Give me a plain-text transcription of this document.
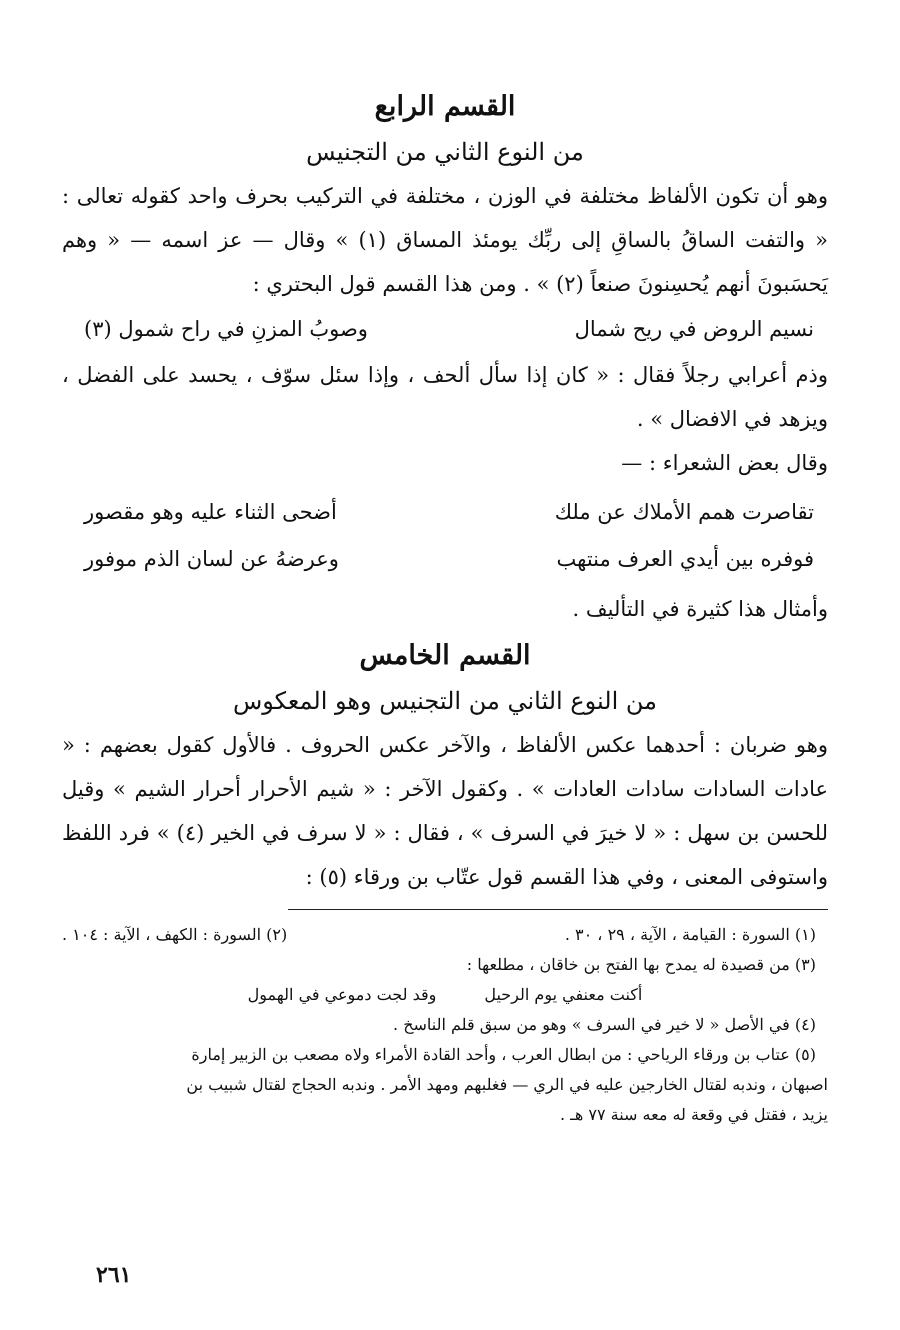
القسم الرابع
من النوع الثاني من التجنيس

وهو أن تكون الألفاظ مختلفة في الوزن ، مختلفة في التركيب بحرف واحد كقوله تعالى : « والتفت الساقُ بالساقِ إلى ربِّك يومئذ المساق (١) » وقال — عز اسمه — « وهم يَحسَبونَ أنهم يُحسِنونَ صنعاً (٢) » . ومن هذا القسم قول البحتري :

نسيم الروض في ريح شمال
وصوبُ المزنِ في راح شمول (٣)

وذم أعرابي رجلاً فقال : « كان إذا سأل ألحف ، وإذا سئل سوّف ، يحسد على الفضل ، ويزهد في الافضال » .

وقال بعض الشعراء : —

تقاصرت همم الأملاك عن ملك
أضحى الثناء عليه وهو مقصور
فوفره بين أيدي العرف منتهب
وعرضهُ عن لسان الذم موفور

وأمثال هذا كثيرة في التأليف .

القسم الخامس
من النوع الثاني من التجنيس وهو المعكوس

وهو ضربان : أحدهما عكس الألفاظ ، والآخر عكس الحروف . فالأول كقول بعضهم : « عادات السادات سادات العادات » . وكقول الآخر : « شيم الأحرار أحرار الشيم » وقيل للحسن بن سهل : « لا خيرَ في السرف » ، فقال : « لا سرف في الخير (٤) » فرد اللفظ واستوفى المعنى ، وفي هذا القسم قول عتّاب بن ورقاء (٥) :

(١) السورة : القيامة ، الآية ، ٢٩ ، ٣٠ .
(٢) السورة : الكهف ، الآية : ١٠٤ .

(٣) من قصيدة له يمدح بها الفتح بن خاقان ، مطلعها :

أكنت معنفي يوم الرحيل
وقد لجت دموعي في الهمول

(٤) في الأصل « لا خير في السرف » وهو من سبق قلم الناسخ .

(٥) عتاب بن ورقاء الرياحي : من ابطال العرب ، وأحد القادة الأمراء ولاه مصعب بن الزبير إمارة

اصبهان ، وندبه لقتال الخارجين عليه في الري — فغلبهم ومهد الأمر . وندبه الحجاج لقتال شبيب بن

يزيد ، فقتل في وقعة له معه سنة ٧٧ هـ .

٢٦١
